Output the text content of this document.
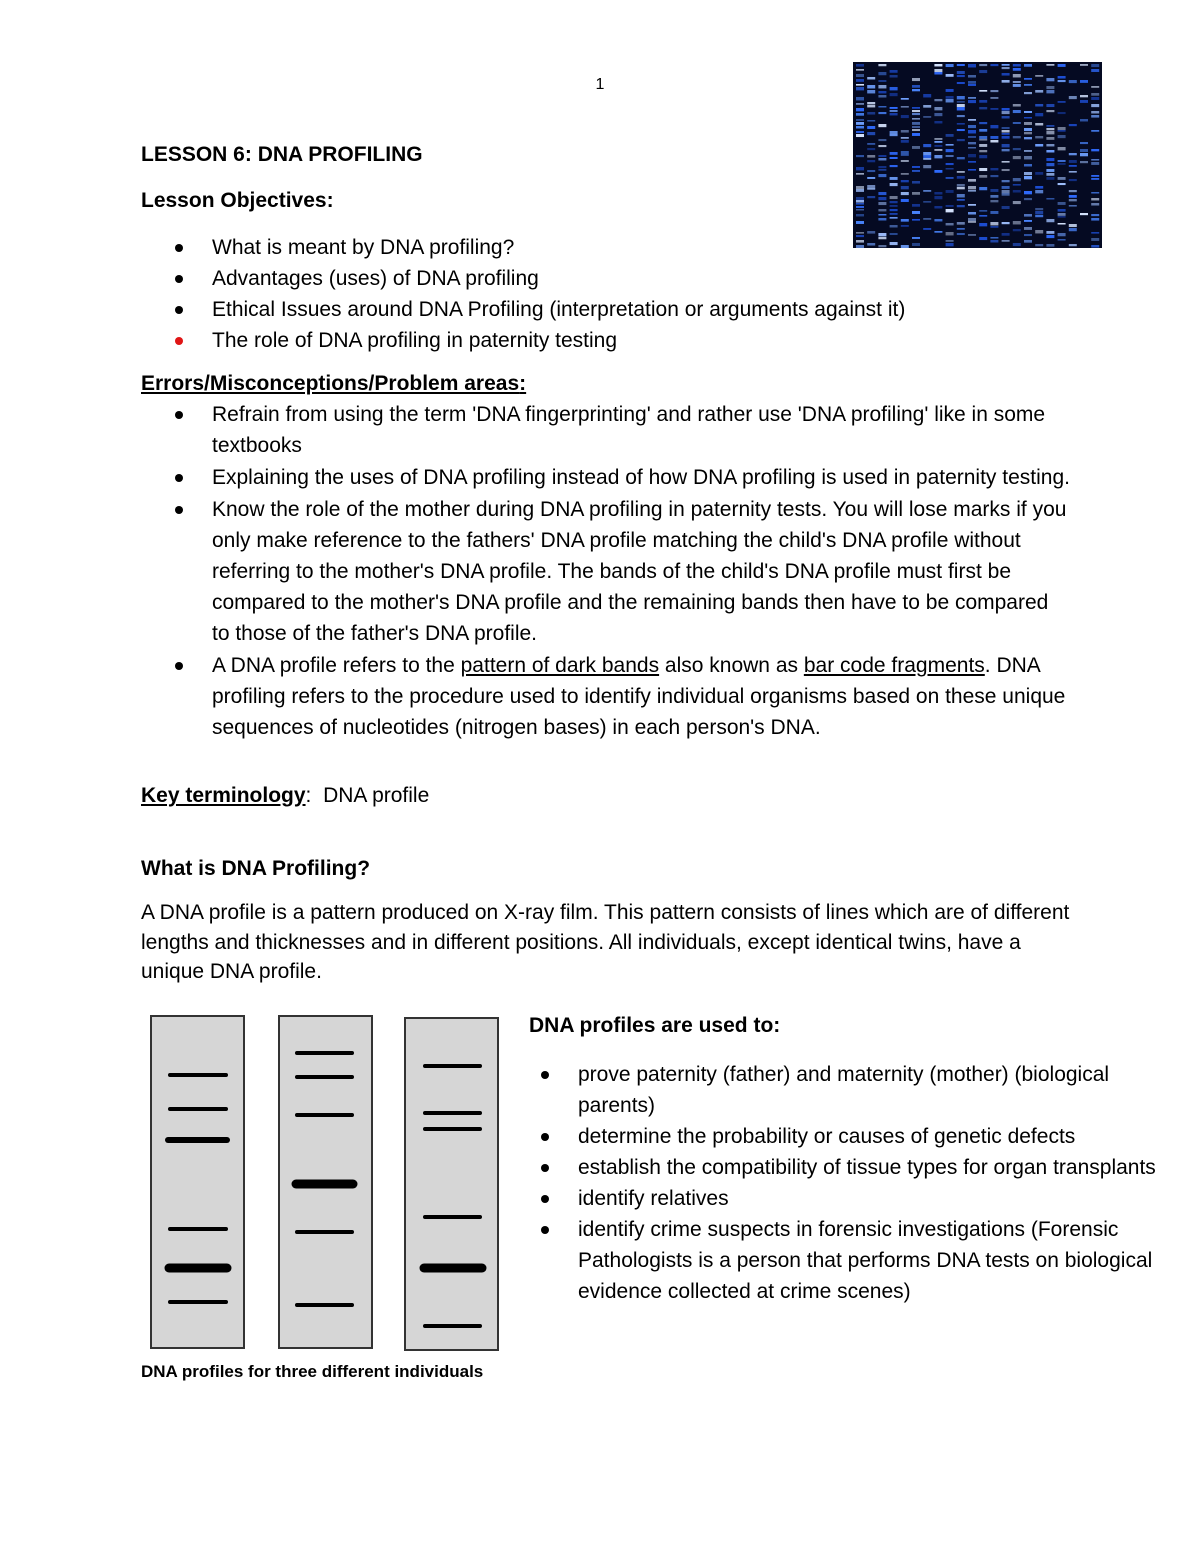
1
LESSON 6: DNA PROFILING
Lesson Objectives:
What is meant by DNA profiling?
Advantages (uses) of DNA profiling
Ethical Issues around DNA Profiling (interpretation or arguments against it)
The role of DNA profiling in paternity testing
Errors/Misconceptions/Problem areas:
Refrain from using the term 'DNA fingerprinting' and rather use 'DNA profiling' like in some textbooks
Explaining the uses of DNA profiling instead of how DNA profiling is used in paternity testing.
Know the role of the mother during DNA profiling in paternity tests. You will lose marks if you only make reference to the fathers' DNA profile matching the child's DNA profile without referring to the mother's DNA profile. The bands of the child's DNA profile must first be compared to the mother's DNA profile and the remaining bands then have to be compared to those of the father's DNA profile.
A DNA profile refers to the pattern of dark bands also known as bar code fragments. DNA profiling refers to the procedure used to identify individual organisms based on these unique sequences of nucleotides (nitrogen bases) in each person's DNA.
Key terminology: DNA profile
What is DNA Profiling?
A DNA profile is a pattern produced on X-ray film. This pattern consists of lines which are of different lengths and thicknesses and in different positions. All individuals, except identical twins, have a unique DNA profile.
DNA profiles for three different individuals
DNA profiles are used to:
prove paternity (father) and maternity (mother) (biological parents)
determine the probability or causes of genetic defects
establish the compatibility of tissue types for organ transplants
identify relatives
identify crime suspects in forensic investigations (Forensic Pathologists is a person that performs DNA tests on biological evidence collected at crime scenes)
